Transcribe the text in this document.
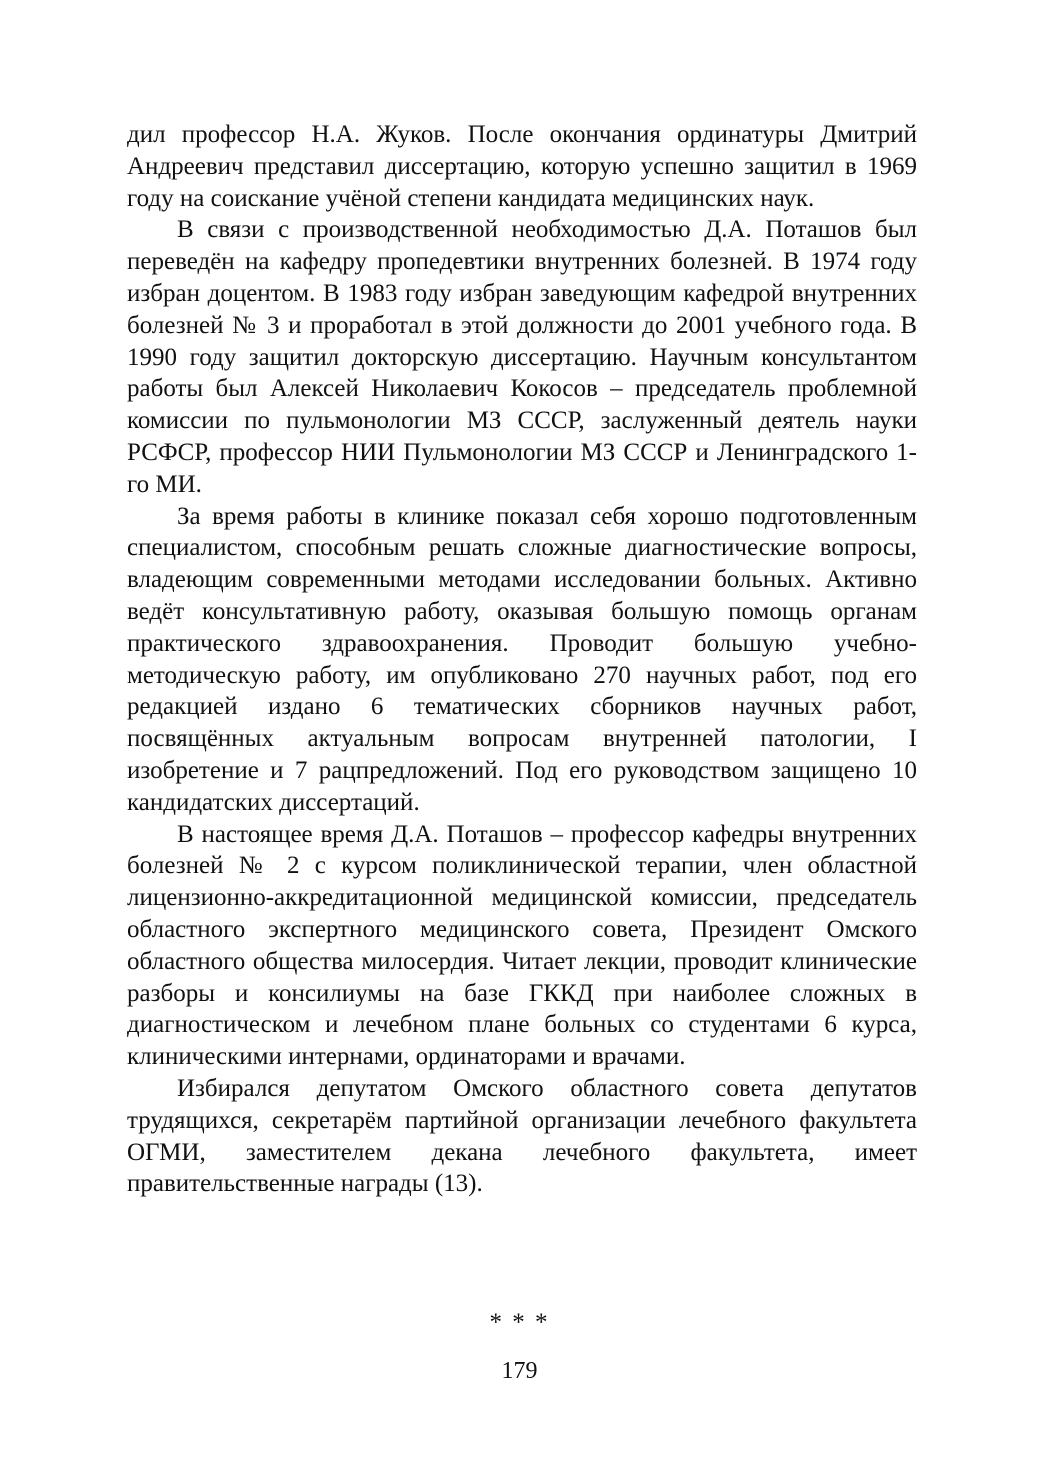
дил профессор Н.А. Жуков. После окончания ординатуры Дмитрий Андреевич представил диссертацию, которую успешно защитил в 1969 году на соискание учёной степени кандидата медицинских наук.

В связи с производственной необходимостью Д.А. Поташов был переведён на кафедру пропедевтики внутренних болезней. В 1974 году избран доцентом. В 1983 году избран заведующим кафедрой внутренних болезней № 3 и проработал в этой должности до 2001 учебного года. В 1990 году защитил докторскую диссертацию. Научным консультантом работы был Алексей Николаевич Кокосов – председатель проблемной комиссии по пульмонологии МЗ СССР, заслуженный деятель науки РСФСР, профессор НИИ Пульмонологии МЗ СССР и Ленинградского 1-го МИ.

За время работы в клинике показал себя хорошо подготовленным специалистом, способным решать сложные диагностические вопросы, владеющим современными методами исследовании больных. Активно ведёт консультативную работу, оказывая большую помощь органам практического здравоохранения. Проводит большую учебно-методическую работу, им опубликовано 270 научных работ, под его редакцией издано 6 тематических сборников научных работ, посвящённых актуальным вопросам внутренней патологии, I изобретение и 7 рацпредложений. Под его руководством защищено 10 кандидатских диссертаций.

В настоящее время Д.А. Поташов – профессор кафедры внутренних болезней № 2 с курсом поликлинической терапии, член областной лицензионно-аккредитационной медицинской комиссии, председатель областного экспертного медицинского совета, Президент Омского областного общества милосердия. Читает лекции, проводит клинические разборы и консилиумы на базе ГККД при наиболее сложных в диагностическом и лечебном плане больных со студентами 6 курса, клиническими интернами, ординаторами и врачами.

Избирался депутатом Омского областного совета депутатов трудящихся, секретарём партийной организации лечебного факультета ОГМИ, заместителем декана лечебного факультета, имеет правительственные награды (13).

* * *
179
